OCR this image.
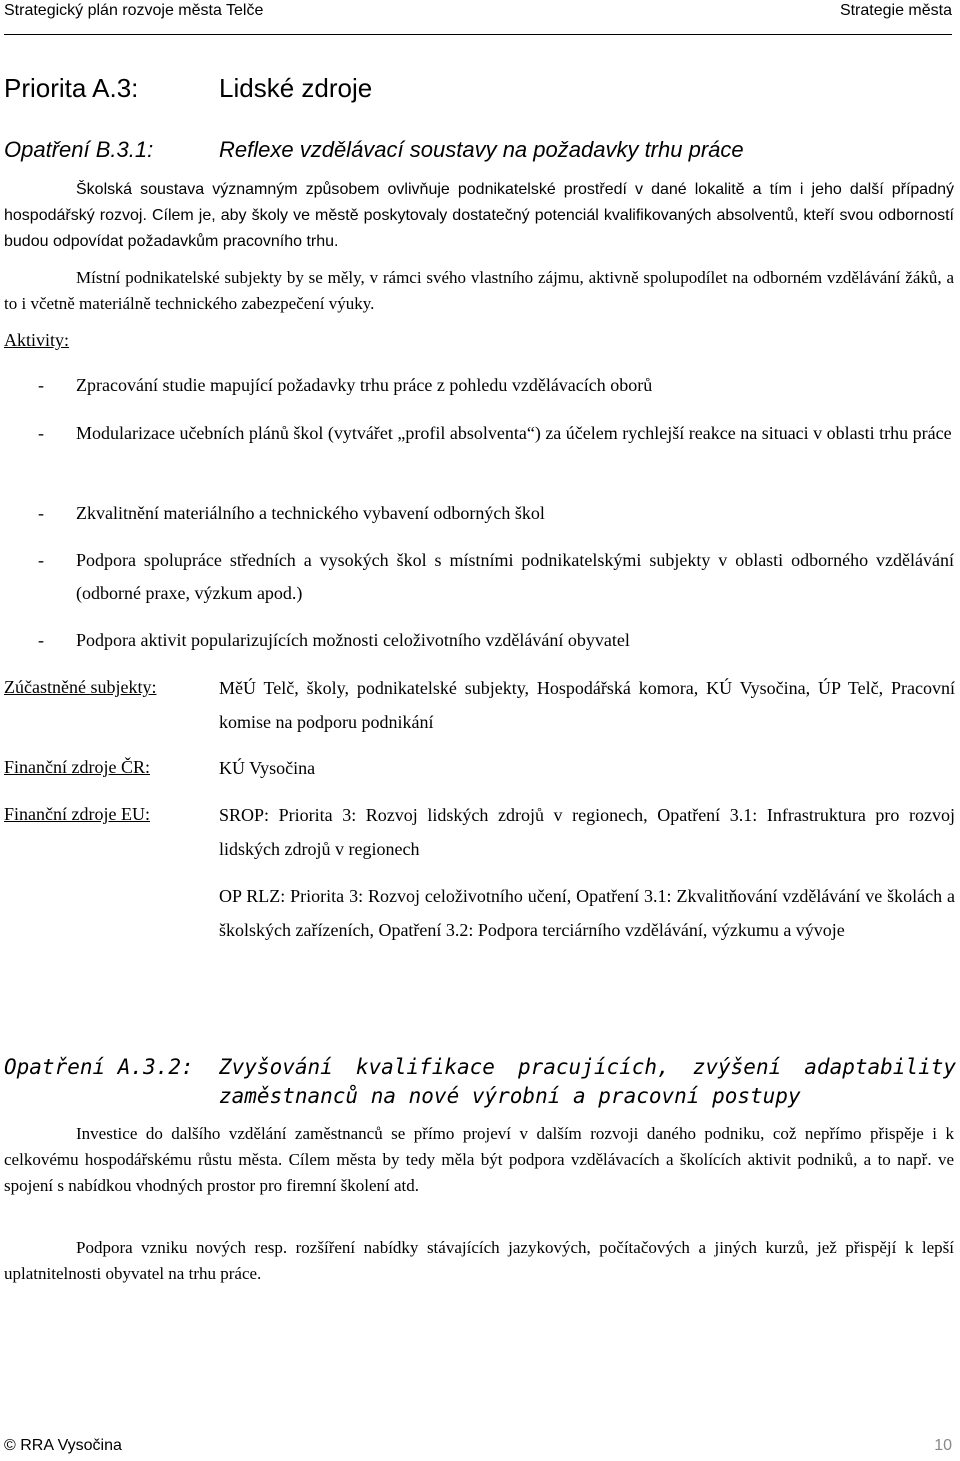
Strategický plán rozvoje města Telče	Strategie města
Priorita A.3:	Lidské zdroje
Opatření B.3.1:	Reflexe vzdělávací soustavy na požadavky trhu práce
Školská soustava významným způsobem ovlivňuje podnikatelské prostředí v dané lokalitě a tím i jeho další případný hospodářský rozvoj. Cílem je, aby školy ve městě poskytovaly dostatečný potenciál kvalifikovaných absolventů, kteří svou odborností budou odpovídat požadavkům pracovního trhu.
Místní podnikatelské subjekty by se měly, v rámci svého vlastního zájmu, aktivně spolupodílet na odborném vzdělávání žáků, a to i včetně materiálně technického zabezpečení výuky.
Aktivity:
- Zpracování studie mapující požadavky trhu práce z pohledu vzdělávacích oborů
- Modularizace učebních plánů škol (vytvářet „profil absolventa“) za účelem rychlejší reakce na situaci v oblasti trhu práce
- Zkvalitnění materiálního a technického vybavení odborných škol
- Podpora spolupráce středních a vysokých škol s místními podnikatelskými subjekty v oblasti odborného vzdělávání (odborné praxe, výzkum apod.)
- Podpora aktivit popularizujících možnosti celoživotního vzdělávání obyvatel
Zúčastněné subjekty:	MěÚ Telč, školy, podnikatelské subjekty, Hospodářská komora, KÚ Vysočina, ÚP Telč, Pracovní komise na podporu podnikání
Finanční zdroje ČR:	KÚ Vysočina
Finanční zdroje EU:	SROP: Priorita 3: Rozvoj lidských zdrojů v regionech, Opatření 3.1: Infrastruktura pro rozvoj lidských zdrojů v regionech
OP RLZ: Priorita 3: Rozvoj celoživotního učení, Opatření 3.1: Zkvalitňování vzdělávání ve školách a školských zařízeních, Opatření 3.2: Podpora terciárního vzdělávání, výzkumu a vývoje
Opatření A.3.2: Zvyšování kvalifikace pracujících, zvýšení adaptability zaměstnanců na nové výrobní a pracovní postupy
Investice do dalšího vzdělání zaměstnanců se přímo projeví v dalším rozvoji daného podniku, což nepřímo přispěje i k celkovému hospodářskému růstu města. Cílem města by tedy měla být podpora vzdělávacích a školících aktivit podniků, a to např. ve spojení s nabídkou vhodných prostor pro firemní školení atd.
Podpora vzniku nových resp. rozšíření nabídky stávajících jazykových, počítačových a jiných kurzů, jež přispějí k lepší uplatnitelnosti obyvatel na trhu práce.
© RRA Vysočina	10
